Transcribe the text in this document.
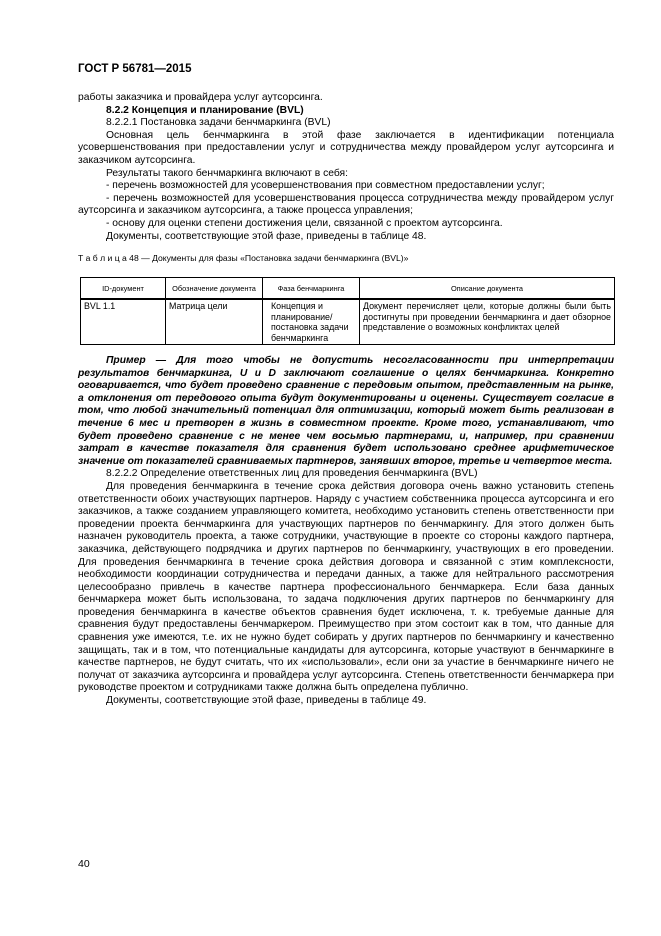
ГОСТ Р 56781—2015

работы заказчика и провайдера услуг аутсорсинга.

8.2.2 Концепция и планирование (BVL)

8.2.2.1 Постановка задачи бенчмаркинга (BVL)

Основная цель бенчмаркинга в этой фазе заключается в идентификации потенциала усовершенствования при предоставлении услуг и сотрудничества между провайдером услуг аутсорсинга и заказчиком аутсорсинга.

Результаты такого бенчмаркинга включают в себя:

- перечень возможностей для усовершенствования при совместном предоставлении услуг;

- перечень возможностей для усовершенствования процесса сотрудничества между провайдером услуг аутсорсинга и заказчиком аутсорсинга, а также процесса управления;

- основу для оценки степени достижения цели, связанной с проектом аутсорсинга.

Документы, соответствующие этой фазе, приведены в таблице 48.

Т а б л и ц а 48 — Документы для фазы «Постановка задачи бенчмаркинга (BVL)»
ID-документ	Обозначение документа	Фаза бенчмаркинга	Описание документа
BVL 1.1	Матрица цели	Концепция и планирование/ постановка задачи бенчмаркинга	Документ перечисляет цели, которые должны были быть достигнуты при проведении бенчмаркинга и дает обзорное представление о возможных конфликтах целей

Пример — Для того чтобы не допустить несогласованности при интерпретации результатов бенчмаркинга, U и D заключают соглашение о целях бенчмаркинга. Конкретно оговаривается, что будет проведено сравнение с передовым опытом, представленным на рынке, а отклонения от передового опыта будут документированы и оценены. Существует согласие в том, что любой значительный потенциал для оптимизации, который может быть реализован в течение 6 мес и претворен в жизнь в совместном проекте. Кроме того, устанавливают, что будет проведено сравнение с не менее чем восьмью партнерами, и, например, при сравнении затрат в качестве показателя для сравнения будет использовано среднее арифметическое значение от показателей сравниваемых партнеров, занявших второе, третье и четвертое места.

8.2.2.2 Определение ответственных лиц для проведения бенчмаркинга (BVL)

Для проведения бенчмаркинга в течение срока действия договора очень важно установить степень ответственности обоих участвующих партнеров. Наряду с участием собственника процесса аутсорсинга и его заказчиков, а также созданием управляющего комитета, необходимо установить степень ответственности при проведении проекта бенчмаркинга для участвующих партнеров по бенчмаркингу. Для этого должен быть назначен руководитель проекта, а также сотрудники, участвующие в проекте со стороны каждого партнера, заказчика, действующего подрядчика и других партнеров по бенчмаркингу, участвующих в его проведении. Для проведения бенчмаркинга в течение срока действия договора и связанной с этим комплексности, необходимости координации сотрудничества и передачи данных, а также для нейтрального рассмотрения целесообразно привлечь в качестве партнера профессионального бенчмаркера. Если база данных бенчмаркера может быть использована, то задача подключения других партнеров по бенчмаркингу для проведения бенчмаркинга в качестве объектов сравнения будет исключена, т. к. требуемые данные для сравнения будут предоставлены бенчмаркером. Преимущество при этом состоит как в том, что данные для сравнения уже имеются, т.е. их не нужно будет собирать у других партнеров по бенчмаркингу и качественно защищать, так и в том, что потенциальные кандидаты для аутсорсинга, которые участвуют в бенчмаркинге в качестве партнеров, не будут считать, что их «использовали», если они за участие в бенчмаркинге ничего не получат от заказчика аутсорсинга и провайдера услуг аутсорсинга. Степень ответственности бенчмаркера при руководстве проектом и сотрудниками также должна быть определена публично.

Документы, соответствующие этой фазе, приведены в таблице 49.

40
